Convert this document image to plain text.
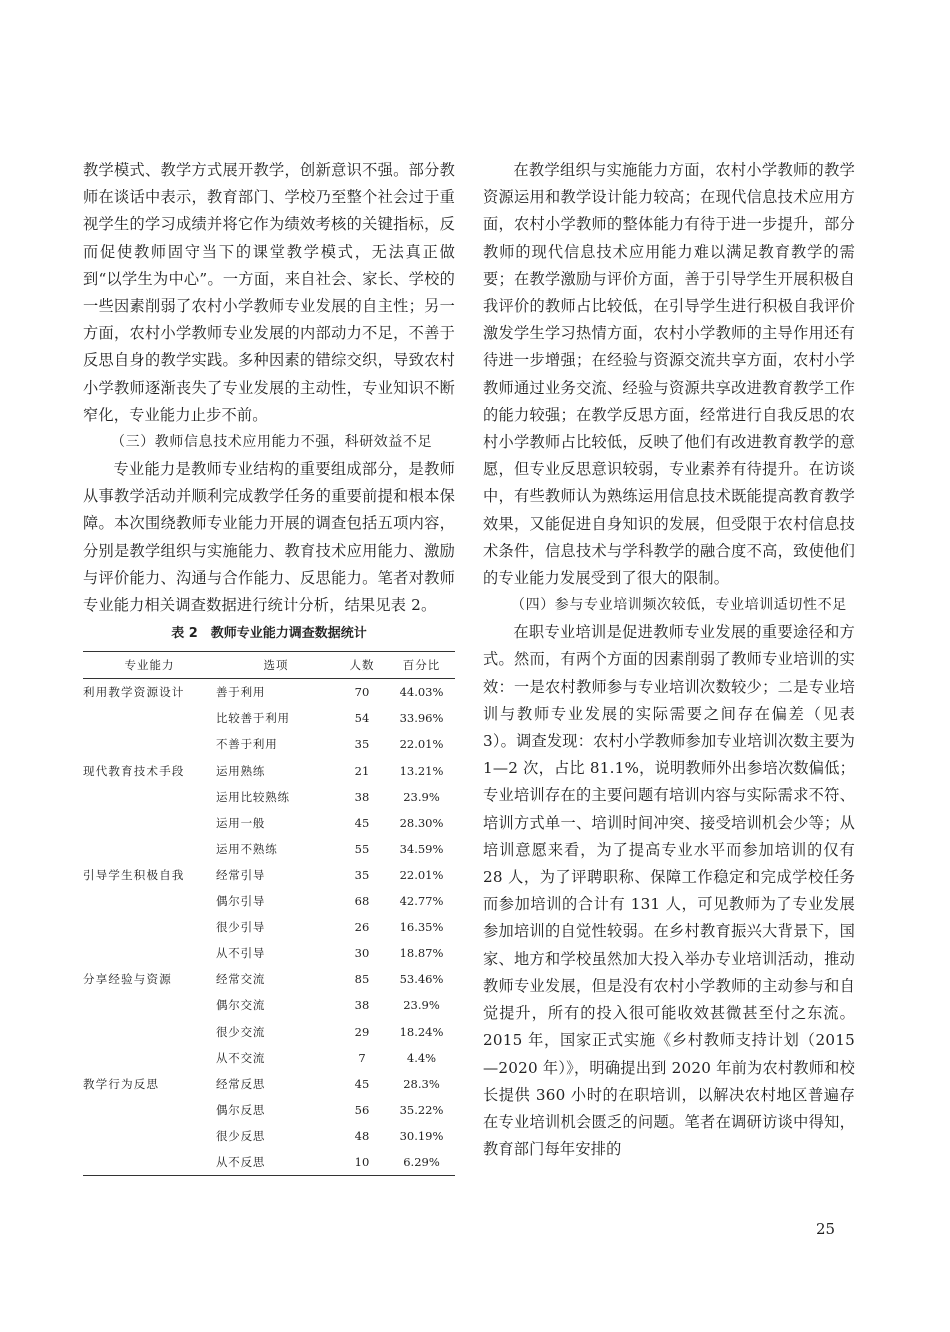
教学模式、教学方式展开教学，创新意识不强。部分教师在谈话中表示，教育部门、学校乃至整个社会过于重视学生的学习成绩并将它作为绩效考核的关键指标，反而促使教师固守当下的课堂教学模式，无法真正做到“以学生为中心”。一方面，来自社会、家长、学校的一些因素削弱了农村小学教师专业发展的自主性；另一方面，农村小学教师专业发展的内部动力不足，不善于反思自身的教学实践。多种因素的错综交织，导致农村小学教师逐渐丧失了专业发展的主动性，专业知识不断窄化，专业能力止步不前。

（三）教师信息技术应用能力不强，科研效益不足

专业能力是教师专业结构的重要组成部分，是教师从事教学活动并顺利完成教学任务的重要前提和根本保障。本次围绕教师专业能力开展的调查包括五项内容，分别是教学组织与实施能力、教育技术应用能力、激励与评价能力、沟通与合作能力、反思能力。笔者对教师专业能力相关调查数据进行统计分析，结果见表 2。

表 2　教师专业能力调查数据统计
专业能力	选项	人数	百分比
利用教学资源设计	善于利用	70	44.03%
	比较善于利用	54	33.96%
	不善于利用	35	22.01%
现代教育技术手段	运用熟练	21	13.21%
	运用比较熟练	38	23.9%
	运用一般	45	28.30%
	运用不熟练	55	34.59%
引导学生积极自我	经常引导	35	22.01%
	偶尔引导	68	42.77%
	很少引导	26	16.35%
	从不引导	30	18.87%
分享经验与资源	经常交流	85	53.46%
	偶尔交流	38	23.9%
	很少交流	29	18.24%
	从不交流	7	4.4%
教学行为反思	经常反思	45	28.3%
	偶尔反思	56	35.22%
	很少反思	48	30.19%
	从不反思	10	6.29%

在教学组织与实施能力方面，农村小学教师的教学资源运用和教学设计能力较高；在现代信息技术应用方面，农村小学教师的整体能力有待于进一步提升，部分教师的现代信息技术应用能力难以满足教育教学的需要；在教学激励与评价方面，善于引导学生开展积极自我评价的教师占比较低，在引导学生进行积极自我评价激发学生学习热情方面，农村小学教师的主导作用还有待进一步增强；在经验与资源交流共享方面，农村小学教师通过业务交流、经验与资源共享改进教育教学工作的能力较强；在教学反思方面，经常进行自我反思的农村小学教师占比较低，反映了他们有改进教育教学的意愿，但专业反思意识较弱，专业素养有待提升。在访谈中，有些教师认为熟练运用信息技术既能提高教育教学效果，又能促进自身知识的发展，但受限于农村信息技术条件，信息技术与学科教学的融合度不高，致使他们的专业能力发展受到了很大的限制。

（四）参与专业培训频次较低，专业培训适切性不足

在职专业培训是促进教师专业发展的重要途径和方式。然而，有两个方面的因素削弱了教师专业培训的实效：一是农村教师参与专业培训次数较少；二是专业培训与教师专业发展的实际需要之间存在偏差（见表 3）。调查发现：农村小学教师参加专业培训次数主要为 1—2 次，占比 81.1%，说明教师外出参培次数偏低；专业培训存在的主要问题有培训内容与实际需求不符、培训方式单一、培训时间冲突、接受培训机会少等；从培训意愿来看，为了提高专业水平而参加培训的仅有 28 人，为了评聘职称、保障工作稳定和完成学校任务而参加培训的合计有 131 人，可见教师为了专业发展参加培训的自觉性较弱。在乡村教育振兴大背景下，国家、地方和学校虽然加大投入举办专业培训活动，推动教师专业发展，但是没有农村小学教师的主动参与和自觉提升，所有的投入很可能收效甚微甚至付之东流。2015 年，国家正式实施《乡村教师支持计划（2015—2020 年）》，明确提出到 2020 年前为农村教师和校长提供 360 小时的在职培训，以解决农村地区普遍存在专业培训机会匮乏的问题。笔者在调研访谈中得知，教育部门每年安排的

25
